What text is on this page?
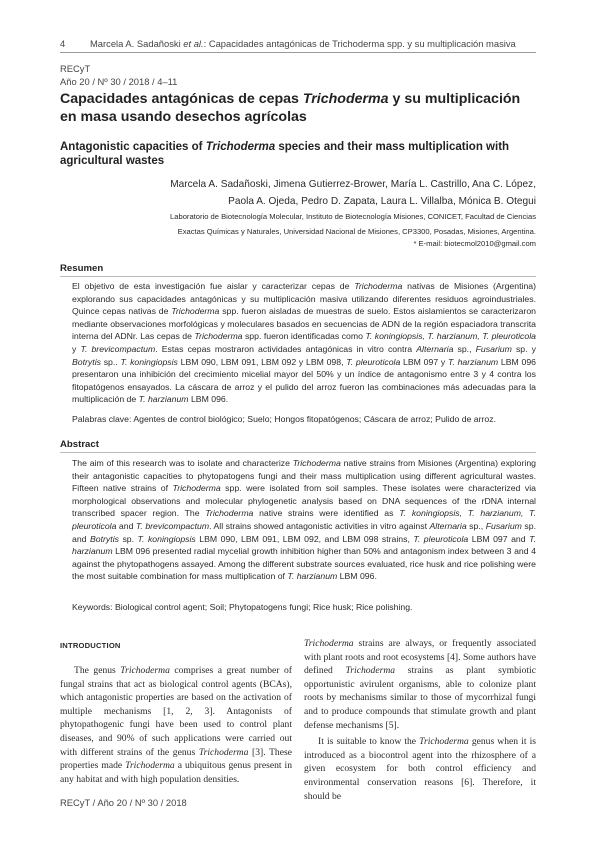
4	Marcela A. Sadañoski et al.: Capacidades antagónicas de Trichoderma spp. y su multiplicación masiva
RECyT
Año 20 / Nº 30 / 2018 / 4–11
Capacidades antagónicas de cepas Trichoderma y su multiplicación en masa usando desechos agrícolas
Antagonistic capacities of Trichoderma species and their mass multiplication with agricultural wastes
Marcela A. Sadañoski, Jimena Gutierrez-Brower, María L. Castrillo, Ana C. López,
Paola A. Ojeda, Pedro D. Zapata, Laura L. Villalba, Mónica B. Otegui
Laboratorio de Biotecnología Molecular, Instituto de Biotecnología Misiones, CONICET, Facultad de Ciencias
Exactas Químicas y Naturales, Universidad Nacional de Misiones, CP3300, Posadas, Misiones, Argentina.
* E-mail: biotecmol2010@gmail.com
Resumen
El objetivo de esta investigación fue aislar y caracterizar cepas de Trichoderma nativas de Misiones (Argentina) explorando sus capacidades antagónicas y su multiplicación masiva utilizando diferentes residuos agroindustriales. Quince cepas nativas de Trichoderma spp. fueron aisladas de muestras de suelo. Estos aislamientos se caracterizaron mediante observaciones morfológicas y moleculares basados en secuencias de ADN de la región espaciadora transcrita interna del ADNr. Las cepas de Trichoderma spp. fueron identificadas como T. koningiopsis, T. harzianum, T. pleuroticola y T. brevicompactum. Estas cepas mostraron actividades antagónicas in vitro contra Alternaria sp., Fusarium sp. y Botrytis sp.. T. koningiopsis LBM 090, LBM 091, LBM 092 y LBM 098, T. pleuroticola LBM 097 y T. harzianum LBM 096 presentaron una inhibición del crecimiento micelial mayor del 50% y un índice de antagonismo entre 3 y 4 contra los fitopatógenos ensayados. La cáscara de arroz y el pulido del arroz fueron las combinaciones más adecuadas para la multiplicación de T. harzianum LBM 096.
Palabras clave: Agentes de control biológico; Suelo; Hongos fitopatógenos; Cáscara de arroz; Pulido de arroz.
Abstract
The aim of this research was to isolate and characterize Trichoderma native strains from Misiones (Argentina) exploring their antagonistic capacities to phytopatogens fungi and their mass multiplication using different agricultural wastes. Fifteen native strains of Trichoderma spp. were isolated from soil samples. These isolates were characterized via morphological observations and molecular phylogenetic analysis based on DNA sequences of the rDNA internal transcribed spacer region. The Trichoderma native strains were identified as T. koningiopsis, T. harzianum, T. pleuroticola and T. brevicompactum. All strains showed antagonistic activities in vitro against Alternaria sp., Fusarium sp. and Botrytis sp. T. koningiopsis LBM 090, LBM 091, LBM 092, and LBM 098 strains, T. pleuroticola LBM 097 and T. harzianum LBM 096 presented radial mycelial growth inhibition higher than 50% and antagonism index between 3 and 4 against the phytopathogens assayed. Among the different substrate sources evaluated, rice husk and rice polishing were the most suitable combination for mass multiplication of T. harzianum LBM 096.
Keywords: Biological control agent; Soil; Phytopatogens fungi; Rice husk; Rice polishing.
INTRODUCTION

The genus Trichoderma comprises a great number of fungal strains that act as biological control agents (BCAs), which antagonistic properties are based on the activation of multiple mechanisms [1, 2, 3]. Antagonists of phytopathogenic fungi have been used to control plant diseases, and 90% of such applications were carried out with different strains of the genus Trichoderma [3]. These properties made Trichoderma a ubiquitous genus present in any habitat and with high population densities.

Trichoderma strains are always, or frequently associated with plant roots and root ecosystems [4]. Some authors have defined Trichoderma strains as plant symbiotic opportunistic avirulent organisms, able to colonize plant roots by mechanisms similar to those of mycorrhizal fungi and to produce compounds that stimulate growth and plant defense mechanisms [5].

It is suitable to know the Trichoderma genus when it is introduced as a biocontrol agent into the rhizosphere of a given ecosystem for both control efficiency and environmental conservation reasons [6]. Therefore, it should be

RECyT / Año 20 / Nº 30 / 2018
